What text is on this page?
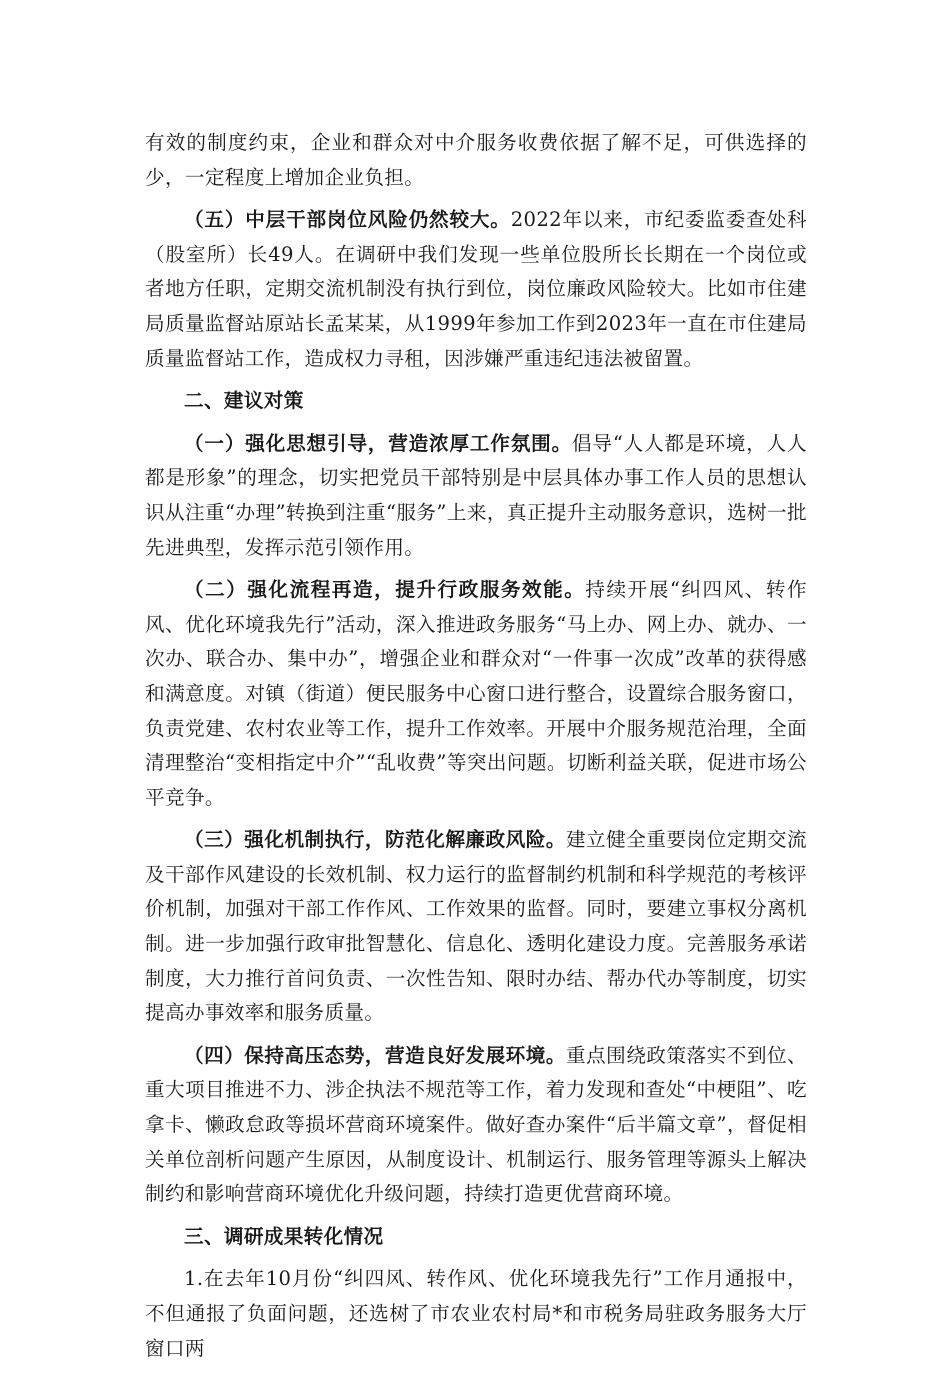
有效的制度约束，企业和群众对中介服务收费依据了解不足，可供选择的少，一定程度上增加企业负担。

（五）中层干部岗位风险仍然较大。2022年以来，市纪委监委查处科（股室所）长49人。在调研中我们发现一些单位股所长长期在一个岗位或者地方任职，定期交流机制没有执行到位，岗位廉政风险较大。比如市住建局质量监督站原站长孟某某，从1999年参加工作到2023年一直在市住建局质量监督站工作，造成权力寻租，因涉嫌严重违纪违法被留置。

二、建议对策

（一）强化思想引导，营造浓厚工作氛围。倡导“人人都是环境，人人都是形象”的理念，切实把党员干部特别是中层具体办事工作人员的思想认识从注重“办理”转换到注重“服务”上来，真正提升主动服务意识，选树一批先进典型，发挥示范引领作用。

（二）强化流程再造，提升行政服务效能。持续开展“纠四风、转作风、优化环境我先行”活动，深入推进政务服务“马上办、网上办、就办、一次办、联合办、集中办”，增强企业和群众对“一件事一次成”改革的获得感和满意度。对镇（街道）便民服务中心窗口进行整合，设置综合服务窗口，负责党建、农村农业等工作，提升工作效率。开展中介服务规范治理，全面清理整治“变相指定中介”“乱收费”等突出问题。切断利益关联，促进市场公平竞争。

（三）强化机制执行，防范化解廉政风险。建立健全重要岗位定期交流及干部作风建设的长效机制、权力运行的监督制约机制和科学规范的考核评价机制，加强对干部工作作风、工作效果的监督。同时，要建立事权分离机制。进一步加强行政审批智慧化、信息化、透明化建设力度。完善服务承诺制度，大力推行首问负责、一次性告知、限时办结、帮办代办等制度，切实提高办事效率和服务质量。

（四）保持高压态势，营造良好发展环境。重点围绕政策落实不到位、重大项目推进不力、涉企执法不规范等工作，着力发现和查处“中梗阻”、吃拿卡、懒政怠政等损坏营商环境案件。做好查办案件“后半篇文章”，督促相关单位剖析问题产生原因，从制度设计、机制运行、服务管理等源头上解决制约和影响营商环境优化升级问题，持续打造更优营商环境。

三、调研成果转化情况

1.在去年10月份“纠四风、转作风、优化环境我先行”工作月通报中，不但通报了负面问题，还选树了市农业农村局*和市税务局驻政务服务大厅窗口两
